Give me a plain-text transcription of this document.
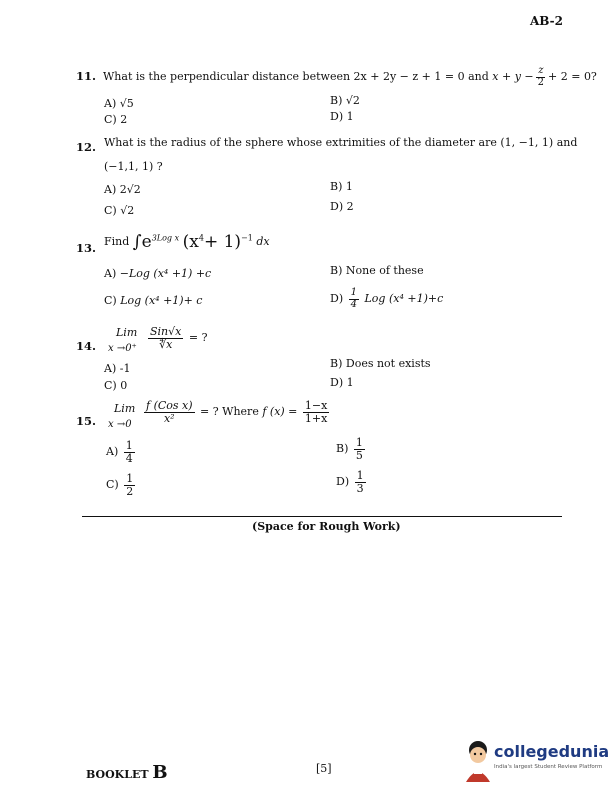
AB-2
11. What is the perpendicular distance between 2x + 2y − z + 1 = 0 and $x + y - \frac{z}{2} + 2 = 0$?
A) √5	B) √2
C) 2	D) 1
12. What is the radius of the sphere whose extrimities of the diameter are (1, −1, 1) and
(−1,1, 1) ?
A) 2√2	B) 1
C) √2	D) 2
13. Find $\int e^{3Log x}$ $(x^4+ 1)^{-1}$ dx
A) −Log (x⁴ +1) +c	B) None of these
C) Log (x⁴ +1)+ c	$D) \frac{1}{4}$ Log (x⁴ +1)+c
14.
Lim
$x \to 0^+ \frac{\text{Sin√x}}{∜x}$ = ?
A) -1	B) Does not exists
C) 0	D) 1
15.
Lim
x →0
$\frac{\text{f (Cos x)}}{\text{x²}}$ = ? Where f $(x) = \frac{1-x}{1+x}$
$A) \frac{1}{4}$	$B) \frac{1}{5}$
$C) \frac{1}{2}$	$D) \frac{1}{3}$
(Space for Rough Work)
BOOKLET B	[5]
collegedunia
India's largest Student Review Platform
